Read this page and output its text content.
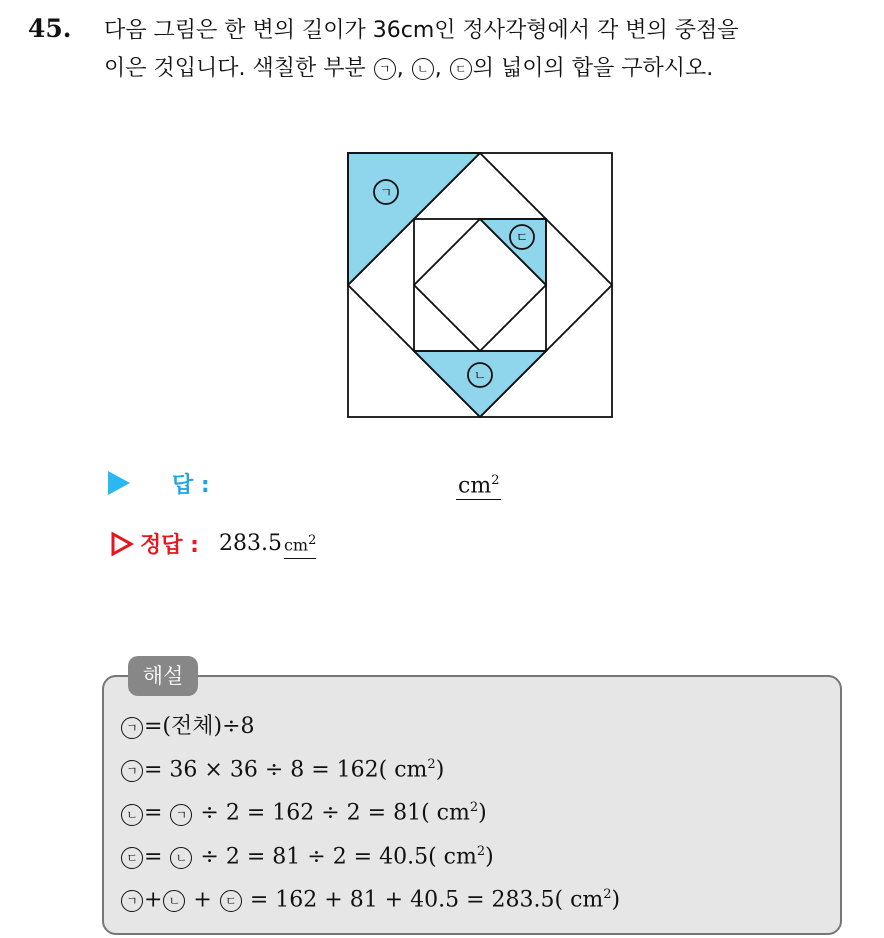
45. 다음 그림은 한 변의 길이가 36cm인 정사각형에서 각 변의 중점을
이은 것입니다. 색칠한 부분 ㄱ , ㄴ , ㄷ 의 넓이의 합을 구하시오.
ㄱ
ㄷ
ㄴ
답 :	$cm^2$
정답 : 283.5 $cm^2$
해설
ㄱ =(전체)÷8
ㄱ = 36 × 36 ÷ 8 = 162( $cm^2$)
ㄴ = ㄱ ÷ 2 = 162 ÷ 2 = 81( $cm^2$)
ㄷ = ㄴ ÷ 2 = 81 ÷ 2 = 40.5( $cm^2$)
ㄱ + ㄴ + ㄷ = 162 + 81 + 40.5 = 283.5( $cm^2$)
